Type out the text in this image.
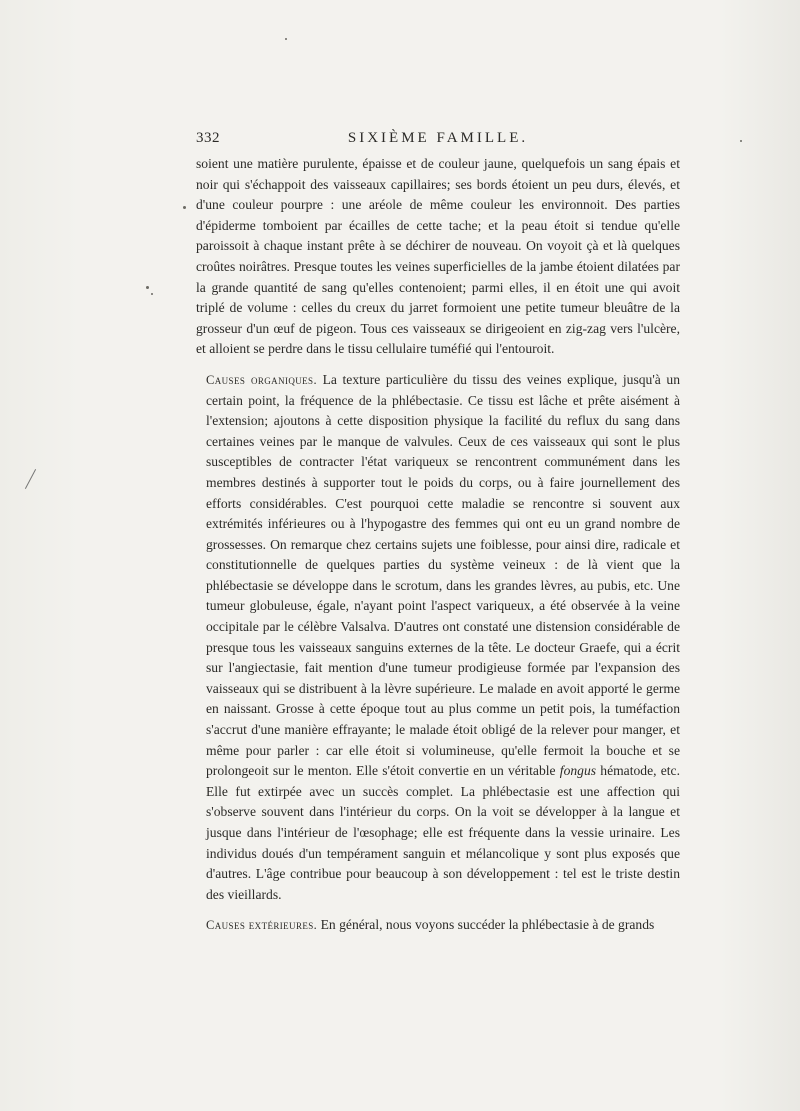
332	SIXIÈME FAMILLE.

soient une matière purulente, épaisse et de couleur jaune, quelquefois un sang épais et noir qui s'échappoit des vaisseaux capillaires; ses bords étoient un peu durs, élevés, et d'une couleur pourpre : une aréole de même couleur les environnoit. Des parties d'épiderme tomboient par écailles de cette tache; et la peau étoit si tendue qu'elle paroissoit à chaque instant prête à se déchirer de nouveau. On voyoit çà et là quelques croûtes noirâtres. Presque toutes les veines superficielles de la jambe étoient dilatées par la grande quantité de sang qu'elles contenoient; parmi elles, il en étoit une qui avoit triplé de volume : celles du creux du jarret formoient une petite tumeur bleuâtre de la grosseur d'un œuf de pigeon. Tous ces vaisseaux se dirigeoient en zig-zag vers l'ulcère, et alloient se perdre dans le tissu cellulaire tuméfié qui l'entouroit.

Causes organiques. La texture particulière du tissu des veines explique, jusqu'à un certain point, la fréquence de la phlébectasie. Ce tissu est lâche et prête aisément à l'extension; ajoutons à cette disposition physique la facilité du reflux du sang dans certaines veines par le manque de valvules. Ceux de ces vaisseaux qui sont le plus susceptibles de contracter l'état variqueux se rencontrent communément dans les membres destinés à supporter tout le poids du corps, ou à faire journellement des efforts considérables. C'est pourquoi cette maladie se rencontre si souvent aux extrémités inférieures ou à l'hypogastre des femmes qui ont eu un grand nombre de grossesses. On remarque chez certains sujets une foiblesse, pour ainsi dire, radicale et constitutionnelle de quelques parties du système veineux : de là vient que la phlébectasie se développe dans le scrotum, dans les grandes lèvres, au pubis, etc. Une tumeur globuleuse, égale, n'ayant point l'aspect variqueux, a été observée à la veine occipitale par le célèbre Valsalva. D'autres ont constaté une distension considérable de presque tous les vaisseaux sanguins externes de la tête. Le docteur Graefe, qui a écrit sur l'angiectasie, fait mention d'une tumeur prodigieuse formée par l'expansion des vaisseaux qui se distribuent à la lèvre supérieure. Le malade en avoit apporté le germe en naissant. Grosse à cette époque tout au plus comme un petit pois, la tuméfaction s'accrut d'une manière effrayante; le malade étoit obligé de la relever pour manger, et même pour parler : car elle étoit si volumineuse, qu'elle fermoit la bouche et se prolongeoit sur le menton. Elle s'étoit convertie en un véritable fongus hématode, etc. Elle fut extirpée avec un succès complet. La phlébectasie est une affection qui s'observe souvent dans l'intérieur du corps. On la voit se développer à la langue et jusque dans l'intérieur de l'œsophage; elle est fréquente dans la vessie urinaire. Les individus doués d'un tempérament sanguin et mélancolique y sont plus exposés que d'autres. L'âge contribue pour beaucoup à son développement : tel est le triste destin des vieillards.

Causes extérieures. En général, nous voyons succéder la phlébectasie à de grands
